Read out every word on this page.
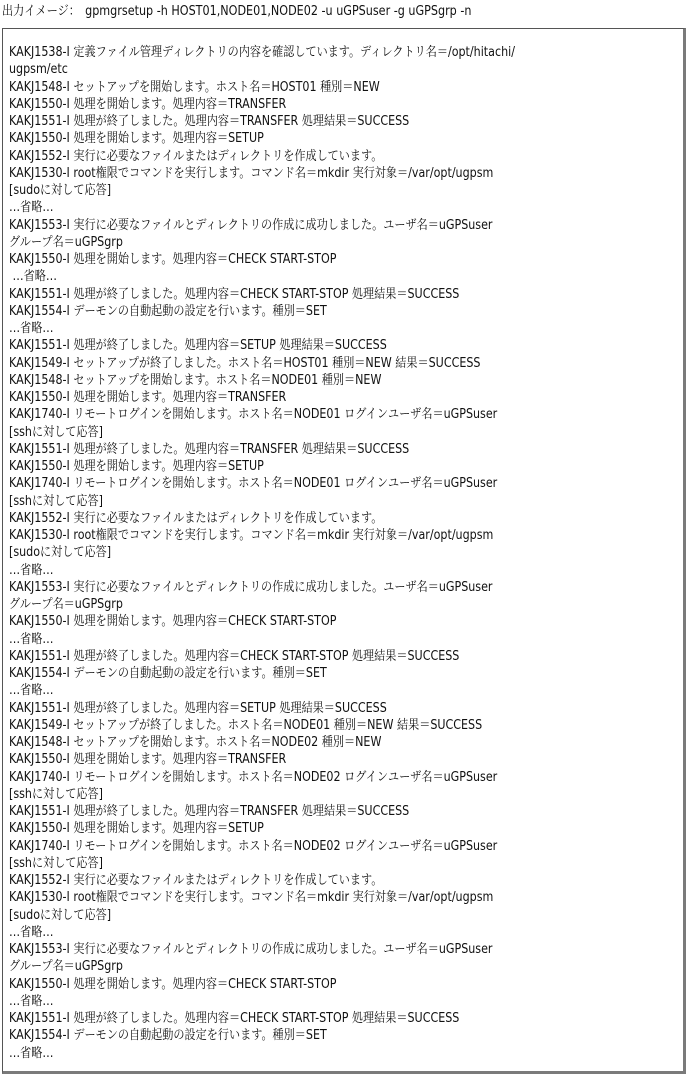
出力イメージ： gpmgrsetup -h HOST01,NODE01,NODE02 -u uGPSuser -g uGPSgrp -n
KAKJ1538-I 定義ファイル管理ディレクトリの内容を確認しています。ディレクトリ名＝/opt/hitachi/
ugpsm/etc
KAKJ1548-I セットアップを開始します。ホスト名＝HOST01 種別＝NEW
KAKJ1550-I 処理を開始します。処理内容＝TRANSFER
KAKJ1551-I 処理が終了しました。処理内容＝TRANSFER 処理結果＝SUCCESS
KAKJ1550-I 処理を開始します。処理内容＝SETUP
KAKJ1552-I 実行に必要なファイルまたはディレクトリを作成しています。
KAKJ1530-I root権限でコマンドを実行します。コマンド名＝mkdir 実行対象＝/var/opt/ugpsm
[sudoに対して応答]
…省略…
KAKJ1553-I 実行に必要なファイルとディレクトリの作成に成功しました。ユーザ名＝uGPSuser
グループ名＝uGPSgrp
KAKJ1550-I 処理を開始します。処理内容＝CHECK START-STOP
…省略…
KAKJ1551-I 処理が終了しました。処理内容＝CHECK START-STOP 処理結果＝SUCCESS
KAKJ1554-I デーモンの自動起動の設定を行います。種別＝SET
…省略…
KAKJ1551-I 処理が終了しました。処理内容＝SETUP 処理結果＝SUCCESS
KAKJ1549-I セットアップが終了しました。ホスト名＝HOST01 種別＝NEW 結果＝SUCCESS
KAKJ1548-I セットアップを開始します。ホスト名＝NODE01 種別＝NEW
KAKJ1550-I 処理を開始します。処理内容＝TRANSFER
KAKJ1740-I リモートログインを開始します。ホスト名＝NODE01 ログインユーザ名＝uGPSuser
[sshに対して応答]
KAKJ1551-I 処理が終了しました。処理内容＝TRANSFER 処理結果＝SUCCESS
KAKJ1550-I 処理を開始します。処理内容＝SETUP
KAKJ1740-I リモートログインを開始します。ホスト名＝NODE01 ログインユーザ名＝uGPSuser
[sshに対して応答]
KAKJ1552-I 実行に必要なファイルまたはディレクトリを作成しています。
KAKJ1530-I root権限でコマンドを実行します。コマンド名＝mkdir 実行対象＝/var/opt/ugpsm
[sudoに対して応答]
…省略…
KAKJ1553-I 実行に必要なファイルとディレクトリの作成に成功しました。ユーザ名＝uGPSuser
グループ名＝uGPSgrp
KAKJ1550-I 処理を開始します。処理内容＝CHECK START-STOP
…省略…
KAKJ1551-I 処理が終了しました。処理内容＝CHECK START-STOP 処理結果＝SUCCESS
KAKJ1554-I デーモンの自動起動の設定を行います。種別＝SET
…省略…
KAKJ1551-I 処理が終了しました。処理内容＝SETUP 処理結果＝SUCCESS
KAKJ1549-I セットアップが終了しました。ホスト名＝NODE01 種別＝NEW 結果＝SUCCESS
KAKJ1548-I セットアップを開始します。ホスト名＝NODE02 種別＝NEW
KAKJ1550-I 処理を開始します。処理内容＝TRANSFER
KAKJ1740-I リモートログインを開始します。ホスト名＝NODE02 ログインユーザ名＝uGPSuser
[sshに対して応答]
KAKJ1551-I 処理が終了しました。処理内容＝TRANSFER 処理結果＝SUCCESS
KAKJ1550-I 処理を開始します。処理内容＝SETUP
KAKJ1740-I リモートログインを開始します。ホスト名＝NODE02 ログインユーザ名＝uGPSuser
[sshに対して応答]
KAKJ1552-I 実行に必要なファイルまたはディレクトリを作成しています。
KAKJ1530-I root権限でコマンドを実行します。コマンド名＝mkdir 実行対象＝/var/opt/ugpsm
[sudoに対して応答]
…省略…
KAKJ1553-I 実行に必要なファイルとディレクトリの作成に成功しました。ユーザ名＝uGPSuser
グループ名＝uGPSgrp
KAKJ1550-I 処理を開始します。処理内容＝CHECK START-STOP
…省略…
KAKJ1551-I 処理が終了しました。処理内容＝CHECK START-STOP 処理結果＝SUCCESS
KAKJ1554-I デーモンの自動起動の設定を行います。種別＝SET
…省略…
